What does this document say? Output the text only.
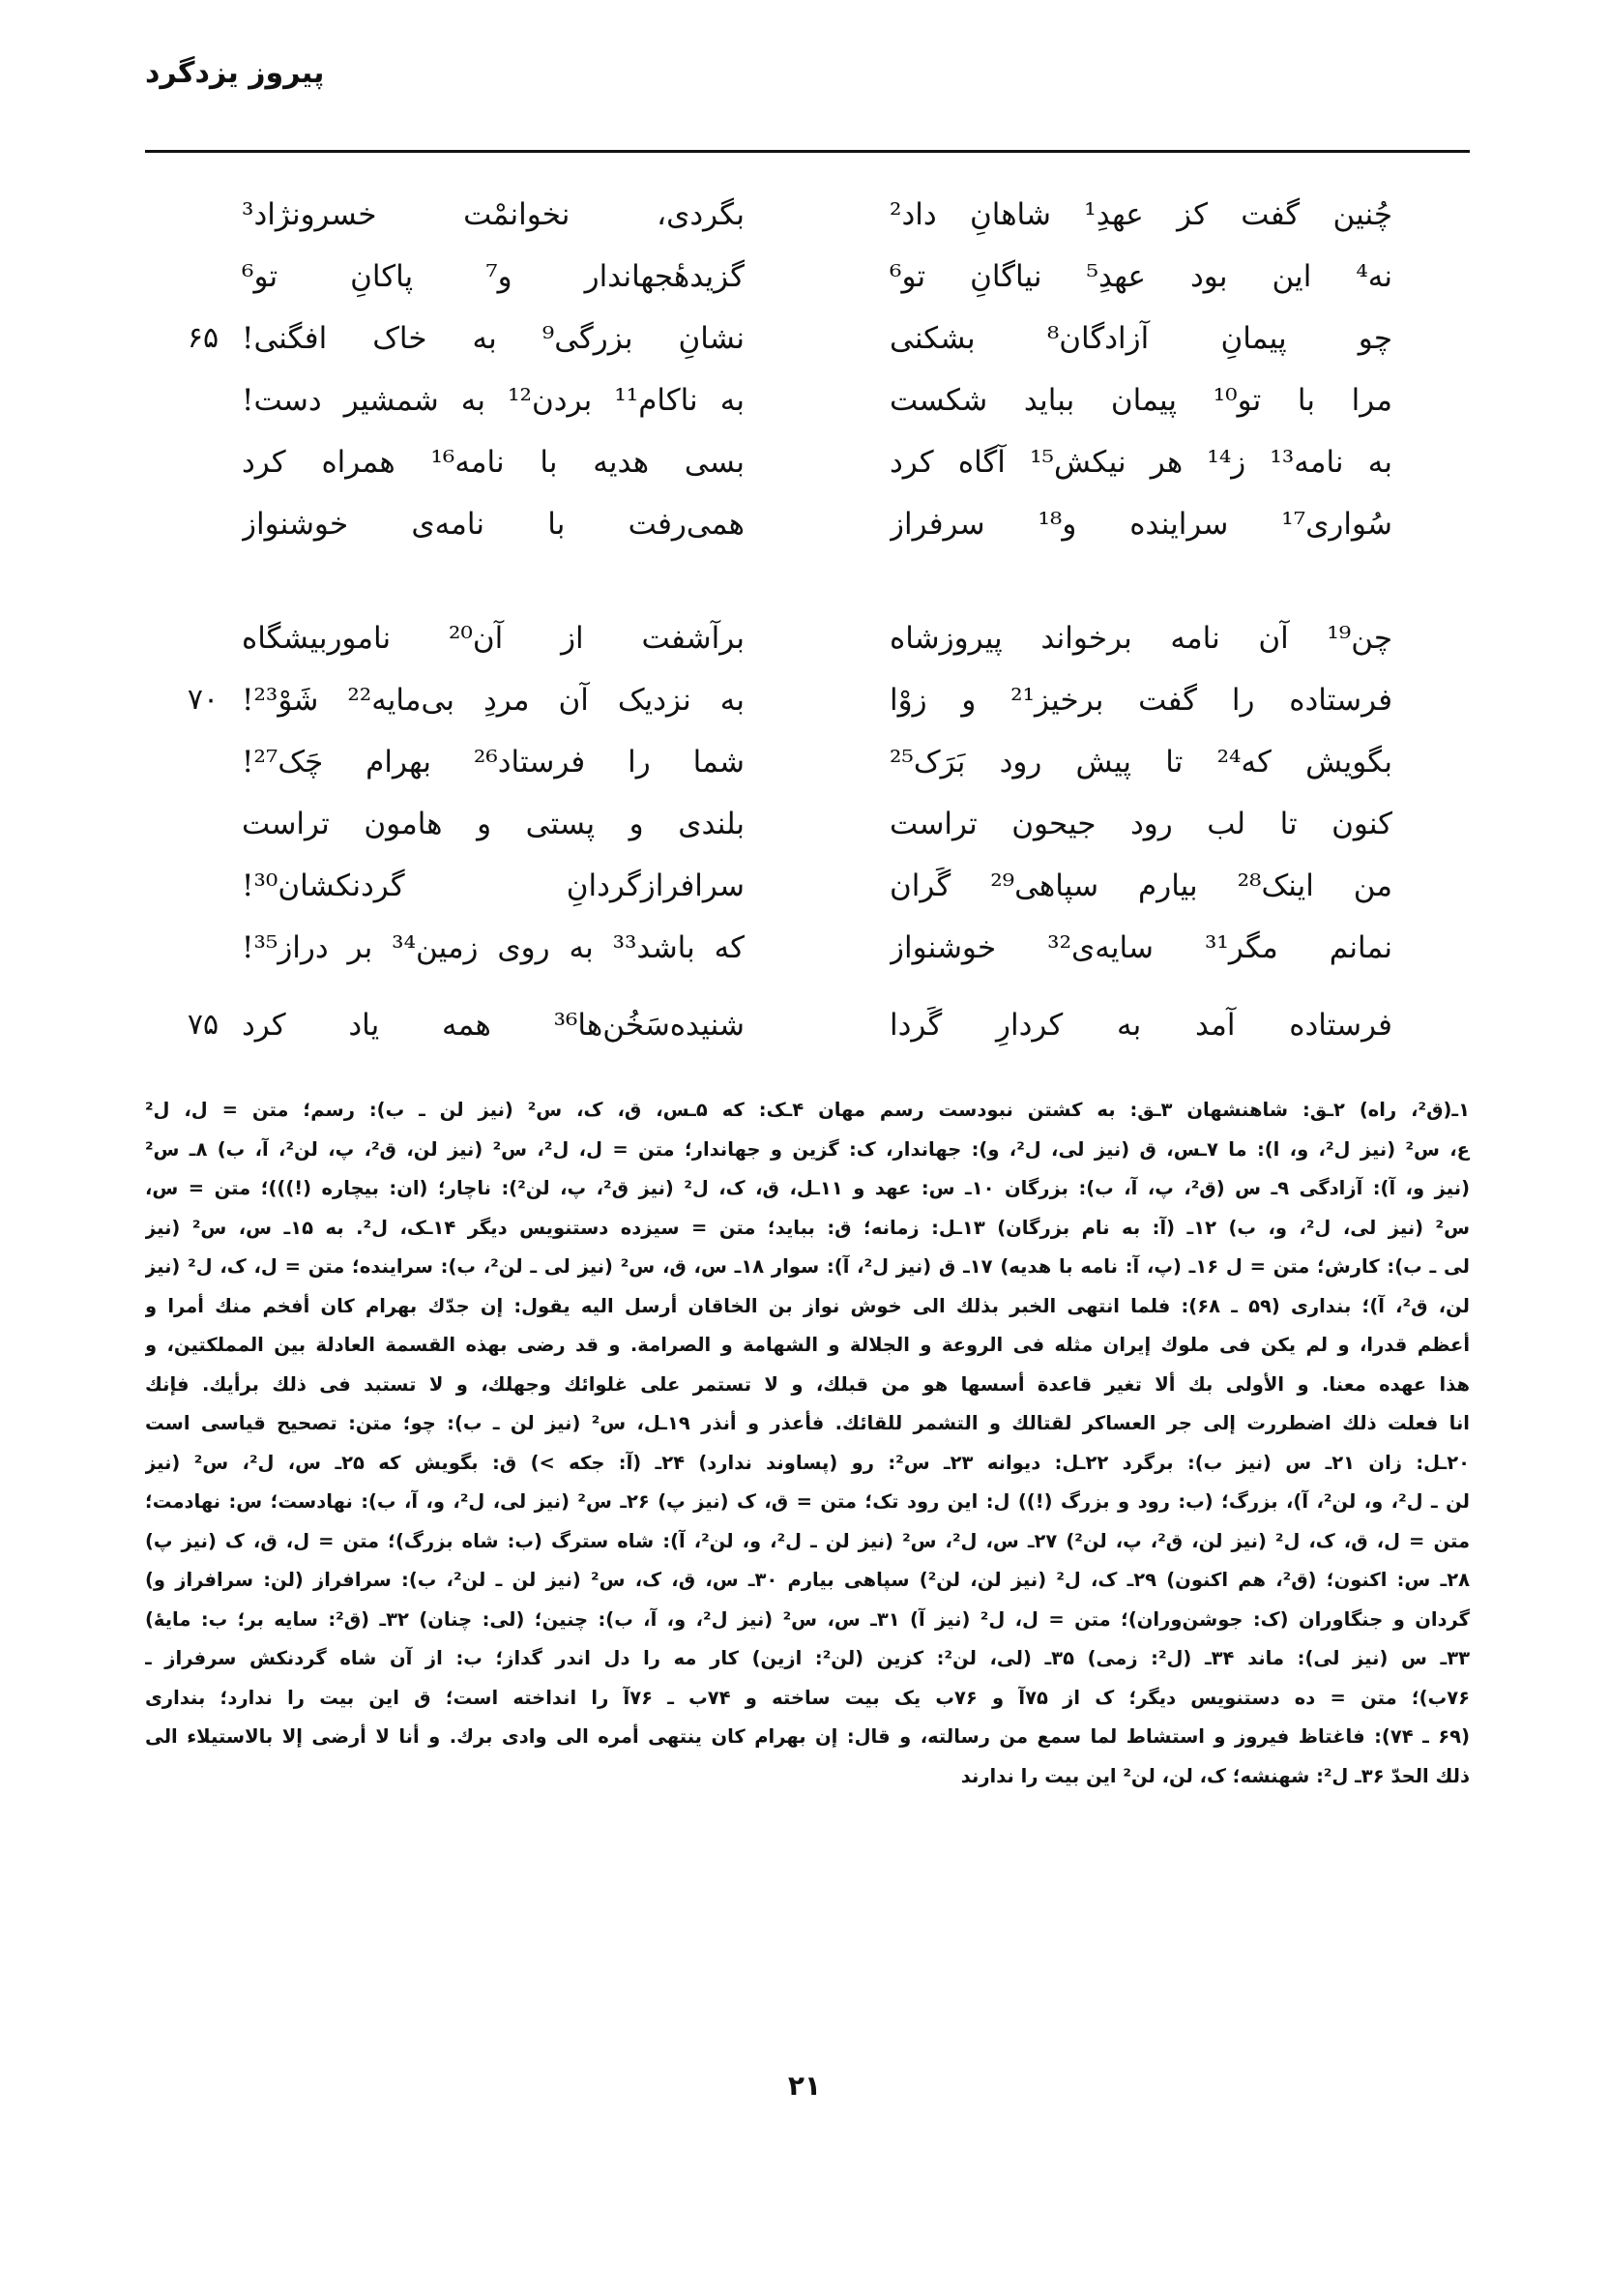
پیروز یزدگرد
چُنین گفت کز عهدِ¹ شاهانِ داد²
بگردی، نخوانمْت خسرونژاد³
نه⁴ این بود عهدِ⁵ نیاگانِ تو⁶
گزیدهٔجهاندار و⁷ پاکانِ تو⁶
۶۵	چو پیمانِ آزادگان⁸ بشکنی
نشانِ بزرگی⁹ به خاک افگنی!
مرا با تو¹⁰ پیمان بباید شکست
به ناکام¹¹ بردن¹² به شمشیر دست!
به نامه¹³ ز¹⁴ هر نیکش¹⁵ آگاه کرد
بسی هدیه با نامه¹⁶ همراه کرد
سُواری¹⁷ سراینده و¹⁸ سرفراز
همی‌رفت با نامه‌ی خوشنواز
چن¹⁹ آن نامه برخواند پیروزشاه
برآشفت از آن²⁰ ناموربیشگاه
۷۰	فرستاده را گفت برخیز²¹ و زوْا
به نزدیک آن مردِ بی‌مایه²² شَوْ²³!
بگویش که²⁴ تا پیش رود بَرَک²⁵
شما را فرستاد²⁶ بهرام چَک²⁷!
کنون تا لب رود جیحون تراست
بلندی و پستی و هامون تراست
من اینک²⁸ بیارم سپاهی²⁹ گَران
سرافرازگردانِ گردنکشان³⁰!
نمانم مگر³¹ سایه‌ی³² خوشنواز
که باشد³³ به روی زمین³⁴ بر دراز³⁵!
۷۵	فرستاده آمد به کردارِ گَردا
شنیده‌سَخُن‌ها³⁶ همه یاد کرد
۱ـ(ق²، راه) ۲ـق: شاهنشهان ۳ـق: به کشتن نبودست رسم مهان ۴ـک: که ۵ـس، ق، ک، س² (نیز لن ـ ب): رسم؛ متن = ل، ل²
ع، س² (نیز ل²، و، ا): ما ۷ـس، ق (نیز لی، ل²، و): جهاندار، ک: گزین و جهاندار؛ متن = ل، ل²، س² (نیز لن، ق²، پ، لن²، آ، ب) ۸ـ س²
(نیز و، آ): آزادگی ۹ـ س (ق²، پ، آ، ب): بزرگان ۱۰ـ س: عهد و ۱۱ـل، ق، ک، ل² (نیز ق²، پ، لن²): ناچار؛ (ان: بیچاره (!)))؛ متن = س،
س² (نیز لی، ل²، و، ب) ۱۲ـ (آ: به نام بزرگان) ۱۳ـل: زمانه؛ ق: بباید؛ متن = سیزده دستنویس دیگر ۱۴ـک، ل². به ۱۵ـ س، س² (نیز
لی ـ ب): کارش؛ متن = ل ۱۶ـ (پ، آ: نامه با هدیه) ۱۷ـ ق (نیز ل²، آ): سوار ۱۸ـ س، ق، س² (نیز لی ـ لن²، ب): سراینده؛ متن = ل، ک، ل² (نیز
لن، ق²، آ)؛ بنداری (۵۹ ـ ۶۸): فلما انتهى الخبر بذلك الى خوش نواز بن الخاقان أرسل اليه يقول: إن جدّك بهرام كان أفخم منك أمرا و
أعظم قدرا، و لم يكن فى ملوك إيران مثله فى الروعة و الجلالة و الشهامة و الصرامة. و قد رضى بهذه القسمة العادلة بين المملكتين، و
هذا عهده معنا. و الأولى بك ألا تغير قاعدة أسسها هو من قبلك، و لا تستمر على غلوائك وجهلك، و لا تستبد فى ذلك برأيك. فإنك
انا فعلت ذلك اضطررت إلى جر العساكر لقتالك و التشمر للقائك. فأعذر و أنذر ۱۹ـل، س² (نیز لن ـ ب): چو؛ متن: تصحیح قیاسی است
۲۰ـل: زان ۲۱ـ س (نیز ب): برگرد ۲۲ـل: دیوانه ۲۳ـ س²: رو (پساوند ندارد) ۲۴ـ (آ: جکه >) ق: بگویش که ۲۵ـ س، ل²، س² (نیز
لن ـ ل²، و، لن²، آ)، بزرگ؛ (ب: رود و بزرگ (!)) ل: این رود تک؛ متن = ق، ک (نیز پ) ۲۶ـ س² (نیز لی، ل²، و، آ، ب): نهادست؛ س: نهادمت؛
متن = ل، ق، ک، ل² (نیز لن، ق²، پ، لن²) ۲۷ـ س، ل²، س² (نیز لن ـ ل²، و، لن²، آ): شاه سترگ (ب: شاه بزرگ)؛ متن = ل، ق، ک (نیز پ)
۲۸ـ س: اکنون؛ (ق²، هم اکنون) ۲۹ـ ک، ل² (نیز لن، لن²) سپاهی بیارم ۳۰ـ س، ق، ک، س² (نیز لن ـ لن²، ب): سرافراز (لن: سرافراز و)
گردان و جنگاوران (ک: جوشن‌وران)؛ متن = ل، ل² (نیز آ) ۳۱ـ س، س² (نیز ل²، و، آ، ب): چنین؛ (لی: چنان) ۳۲ـ (ق²: سایه بر؛ ب: مایهٔ)
۳۳ـ س (نیز لی): ماند ۳۴ـ (ل²: زمی) ۳۵ـ (لی، لن²: کزین (لن²: ازین) کار مه را دل اندر گداز؛ ب: از آن شاه گردنکش سرفراز ـ
۷۶ب)؛ متن = ده دستنویس دیگر؛ ک از ۷۵آ و ۷۶ب یک بیت ساخته و ۷۴ب ـ ۷۶آ را انداخته است؛ ق این بیت را ندارد؛ بنداری
(۶۹ ـ ۷۴): فاغتاظ فیروز و استشاط لما سمع من رسالته، و قال: إن بهرام كان ينتهى أمره الى وادى برك. و أنا لا أرضى إلا بالاستيلاء الى
ذلك الحدّ ۳۶ـ ل²: شهنشه؛ ک، لن، لن² این بیت را ندارند
۲۱
